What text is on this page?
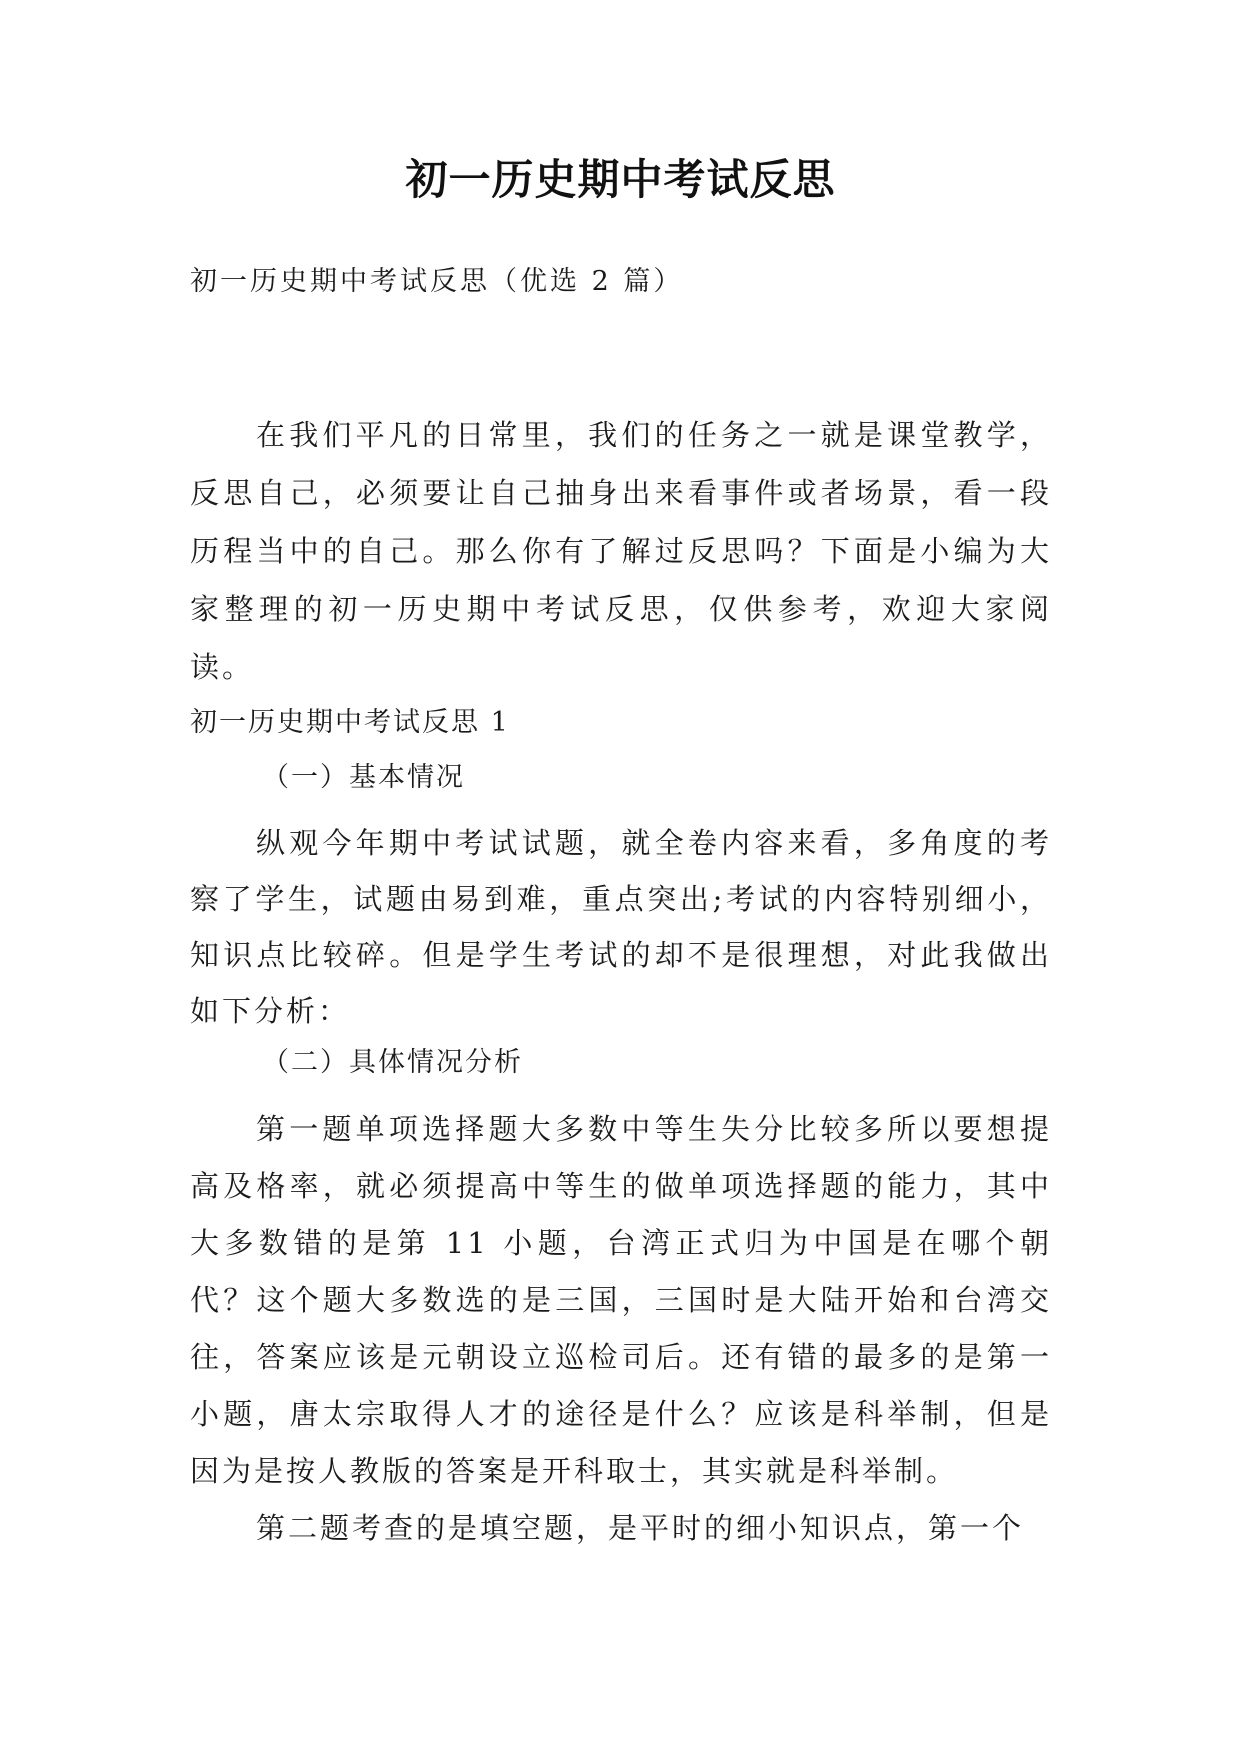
初一历史期中考试反思
初一历史期中考试反思（优选 2 篇）

在我们平凡的日常里，我们的任务之一就是课堂教学，反思自己，必须要让自己抽身出来看事件或者场景，看一段历程当中的自己。那么你有了解过反思吗？下面是小编为大家整理的初一历史期中考试反思，仅供参考，欢迎大家阅读。

初一历史期中考试反思 1
（一）基本情况

纵观今年期中考试试题，就全卷内容来看，多角度的考察了学生，试题由易到难，重点突出;考试的内容特别细小，知识点比较碎。但是学生考试的却不是很理想，对此我做出如下分析：

（二）具体情况分析

第一题单项选择题大多数中等生失分比较多所以要想提高及格率，就必须提高中等生的做单项选择题的能力，其中大多数错的是第 11 小题，台湾正式归为中国是在哪个朝代？这个题大多数选的是三国，三国时是大陆开始和台湾交往，答案应该是元朝设立巡检司后。还有错的最多的是第一小题，唐太宗取得人才的途径是什么？应该是科举制，但是因为是按人教版的答案是开科取士，其实就是科举制。

第二题考查的是填空题，是平时的细小知识点，第一个
